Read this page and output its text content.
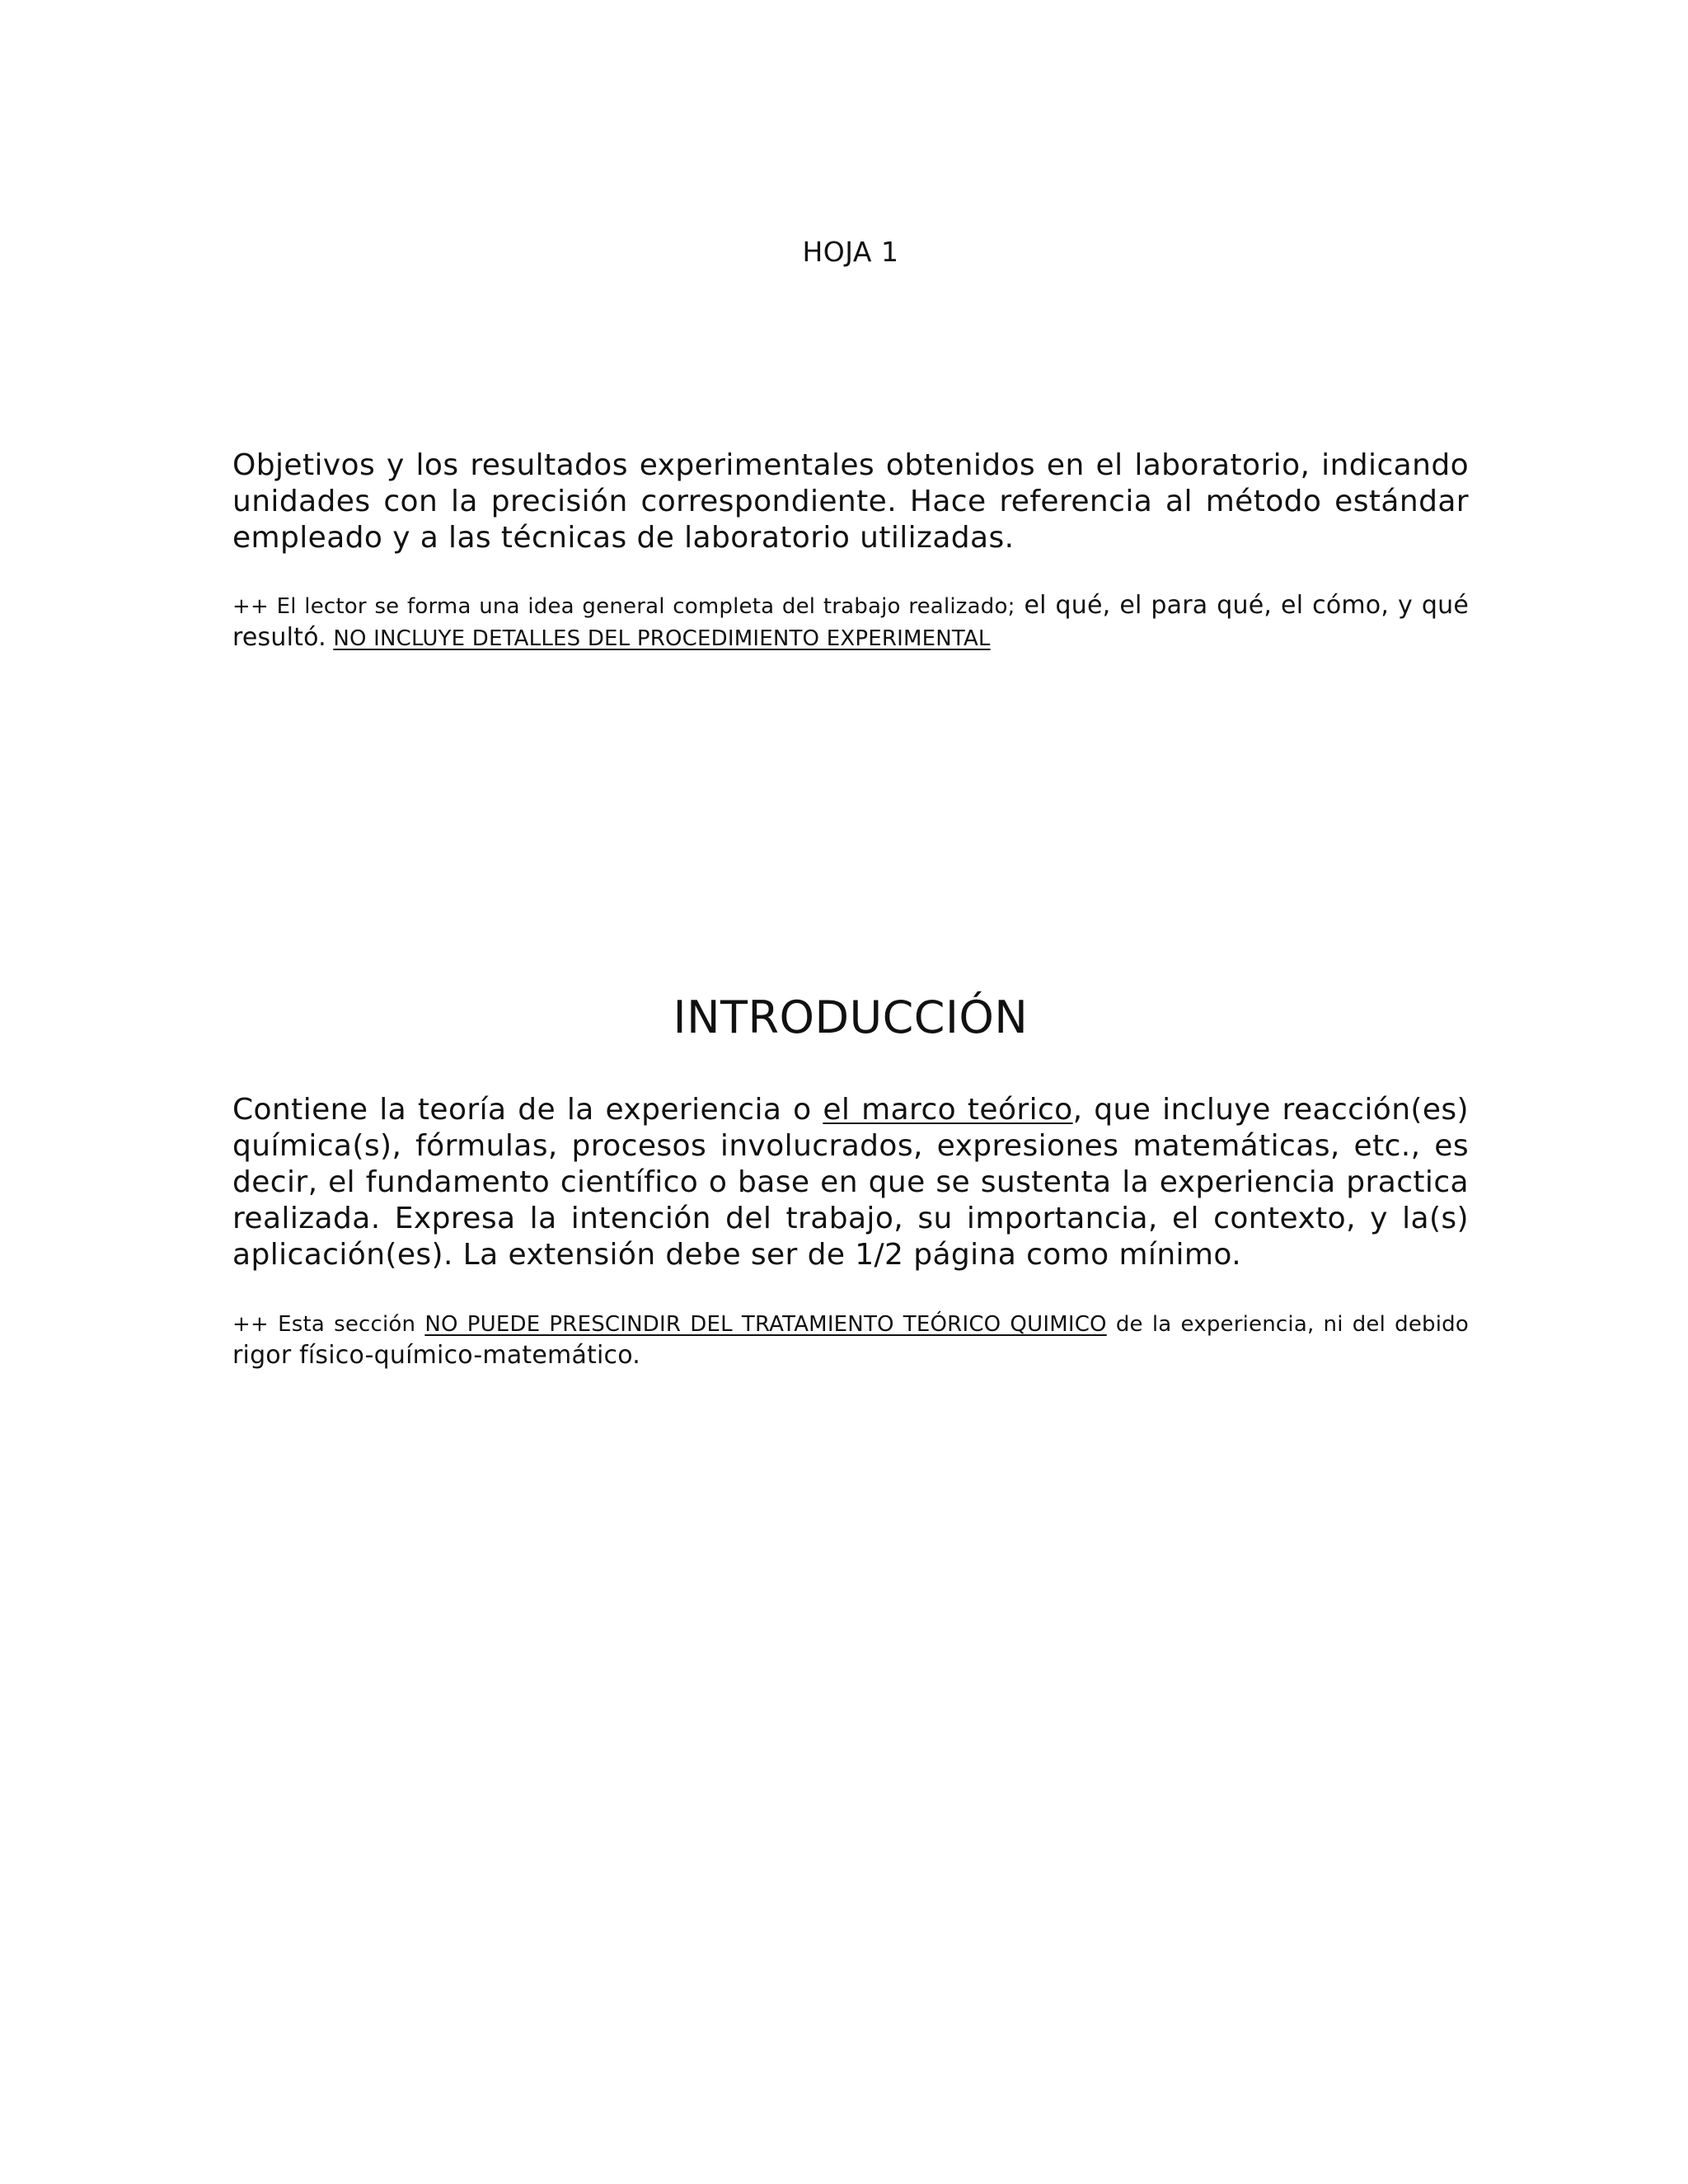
HOJA 1

Objetivos y los resultados experimentales obtenidos en el laboratorio, indicando unidades con la precisión correspondiente. Hace referencia al método estándar empleado y a las técnicas de laboratorio utilizadas.

++ El lector se forma una idea general completa del trabajo realizado; el qué, el para qué, el cómo, y qué resultó. NO INCLUYE DETALLES DEL PROCEDIMIENTO EXPERIMENTAL

INTRODUCCIÓN

Contiene la teoría de la experiencia o el marco teórico, que incluye reacción(es) química(s), fórmulas, procesos involucrados, expresiones matemáticas, etc., es decir, el fundamento científico o base en que se sustenta la experiencia practica realizada. Expresa la intención del trabajo, su importancia, el contexto, y la(s) aplicación(es). La extensión debe ser de 1/2 página como mínimo.

++ Esta sección NO PUEDE PRESCINDIR DEL TRATAMIENTO TEÓRICO QUIMICO de la experiencia, ni del debido rigor físico-químico-matemático.
